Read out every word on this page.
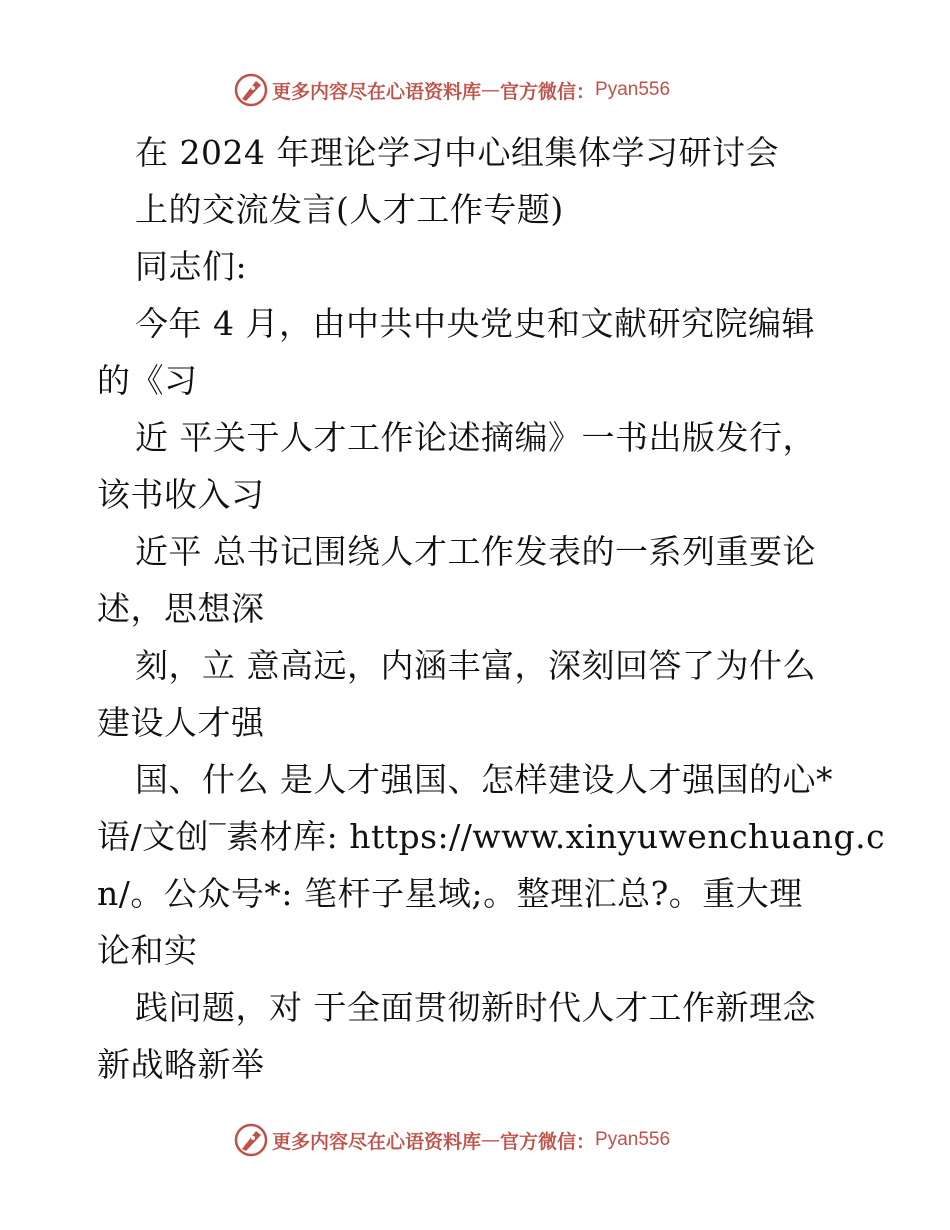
更多内容尽在心语资料库 — 官方微信： Pyan556
在 2024 年理论学习中心组集体学习研讨会
上的交流发言(人才工作专题)
同志们:
今年 4 月，由中共中央党史和文献研究院编辑
的《习
近 平关于人才工作论述摘编》一书出版发行，
该书收入习
近平 总书记围绕人才工作发表的一系列重要论
述，思想深
刻，立 意高远，内涵丰富，深刻回答了为什么
建设人才强
国、什么 是人才强国、怎样建设人才强国的心*
语/文创‾素材库: https://www.xinyuwenchuang.c
n/。公众号*: 笔杆子星域;。整理汇总?。重大理
论和实
践问题，对 于全面贯彻新时代人才工作新理念
新战略新举
更多内容尽在心语资料库 — 官方微信： Pyan556
